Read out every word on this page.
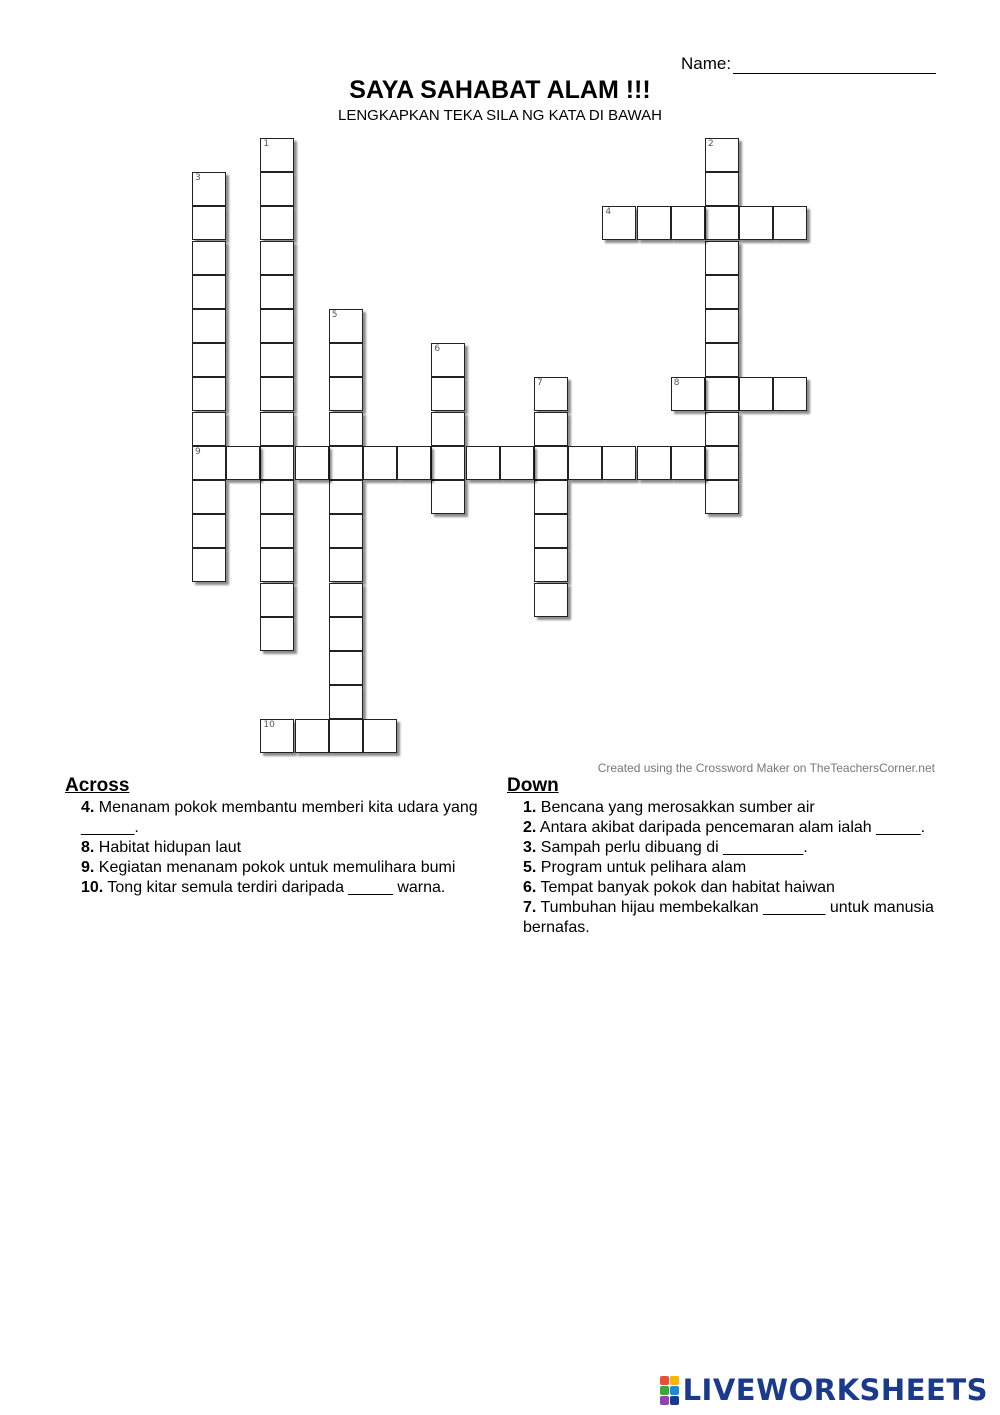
Name:
SAYA SAHABAT ALAM !!!
LENGKAPKAN TEKA SILA NG KATA DI BAWAH
1	2
3
9
4
5
6
7	8
10
Created using the Crossword Maker on TheTeachersCorner.net
Across
4. Menanam pokok membantu memberi kita udara yang ______.
8. Habitat hidupan laut
9. Kegiatan menanam pokok untuk memulihara bumi
10. Tong kitar semula terdiri daripada _____ warna.
Down
1. Bencana yang merosakkan sumber air
2. Antara akibat daripada pencemaran alam ialah _____.
3. Sampah perlu dibuang di _________.
5. Program untuk pelihara alam
6. Tempat banyak pokok dan habitat haiwan
7. Tumbuhan hijau membekalkan _______ untuk manusia bernafas.
LIVEWORKSHEETS
